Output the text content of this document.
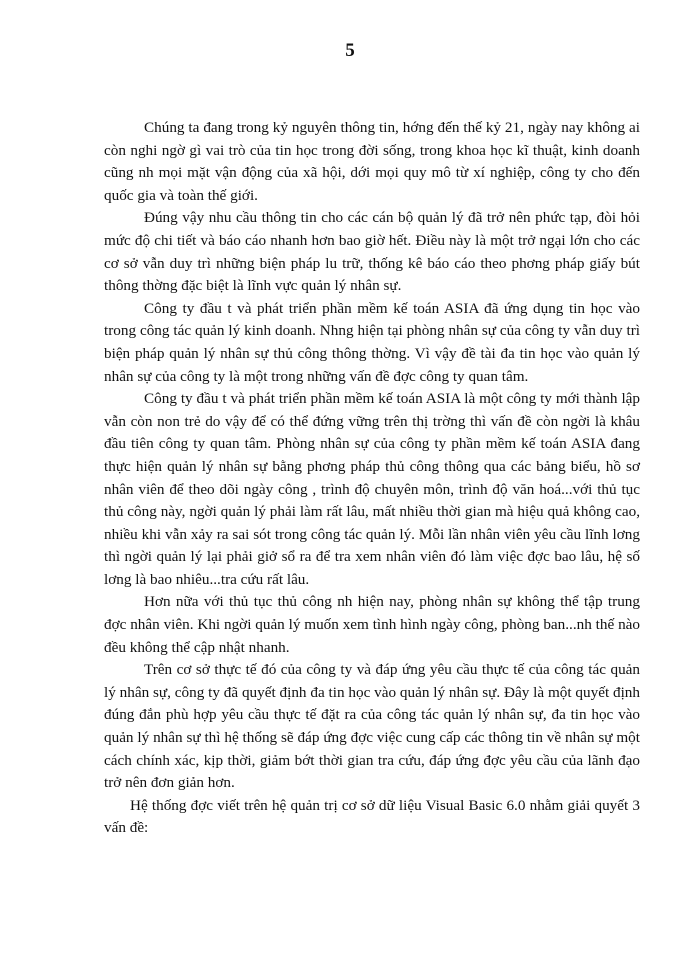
5

Chúng ta đang trong kỷ nguyên thông tin, hớng đến thế kỷ 21, ngày nay không ai còn nghi ngờ gì vai trò của tin học trong đời sống, trong khoa học kĩ thuật, kinh doanh cũng nh mọi mặt vận động của xã hội, dới mọi quy mô từ xí nghiệp, công ty cho đến quốc gia và toàn thế giới.

Đúng vậy nhu cầu thông tin cho các cán bộ quản lý đã trở nên phức tạp, đòi hỏi mức độ chi tiết và báo cáo nhanh hơn bao giờ hết. Điều này là một trở ngại lớn cho các cơ sở vẫn duy trì những biện pháp lu trữ, thống kê báo cáo theo phơng pháp giấy bút thông thờng đặc biệt là lĩnh vực quản lý nhân sự.

Công ty đầu t và phát triển phần mềm kế toán ASIA đã ứng dụng tin học vào trong công tác quản lý kinh doanh. Nhng hiện tại phòng nhân sự của công ty vẫn duy trì biện pháp quản lý nhân sự thủ công thông thờng. Vì vậy đề tài đa tin học vào quản lý nhân sự của công ty là một trong những vấn đề đợc công ty quan tâm.

Công ty đầu t và phát triển phần mềm kế toán ASIA là một công ty mới thành lập vẫn còn non trẻ do vậy để có thể đứng vững trên thị trờng thì vấn đề còn ngời là khâu đầu tiên công ty quan tâm. Phòng nhân sự của công ty phần mềm kế toán ASIA đang thực hiện quản lý nhân sự bằng phơng pháp thủ công thông qua các bảng biểu, hồ sơ nhân viên để theo dõi ngày công , trình độ chuyên môn, trình độ văn hoá...với thủ tục thủ công này, ngời quản lý phải làm rất lâu, mất nhiều thời gian mà hiệu quả không cao, nhiều khi vẫn xảy ra sai sót trong công tác quản lý. Mỗi lần nhân viên yêu cầu lĩnh lơng thì ngời quản lý lại phải giở sổ ra để tra xem nhân viên đó làm việc đợc bao lâu, hệ số lơng là bao nhiêu...tra cứu rất lâu.

Hơn nữa với thủ tục thủ công nh hiện nay, phòng nhân sự không thể tập trung đợc nhân viên. Khi ngời quản lý muốn xem tình hình ngày công, phòng ban...nh thế nào đều không thể cập nhật nhanh.

Trên cơ sở thực tế đó của công ty và đáp ứng yêu cầu thực tế của công tác quản lý nhân sự, công ty đã quyết định đa tin học vào quản lý nhân sự. Đây là một quyết định đúng đắn phù hợp yêu cầu thực tế đặt ra của công tác quản lý nhân sự, đa tin học vào quản lý nhân sự thì hệ thống sẽ đáp ứng đợc việc cung cấp các thông tin về nhân sự một cách chính xác, kịp thời, giảm bớt thời gian tra cứu, đáp ứng đợc yêu cầu của lãnh đạo trở nên đơn giản hơn.

Hệ thống đợc viết trên hệ quản trị cơ sở dữ liệu Visual Basic 6.0 nhằm giải quyết 3 vấn đề:
